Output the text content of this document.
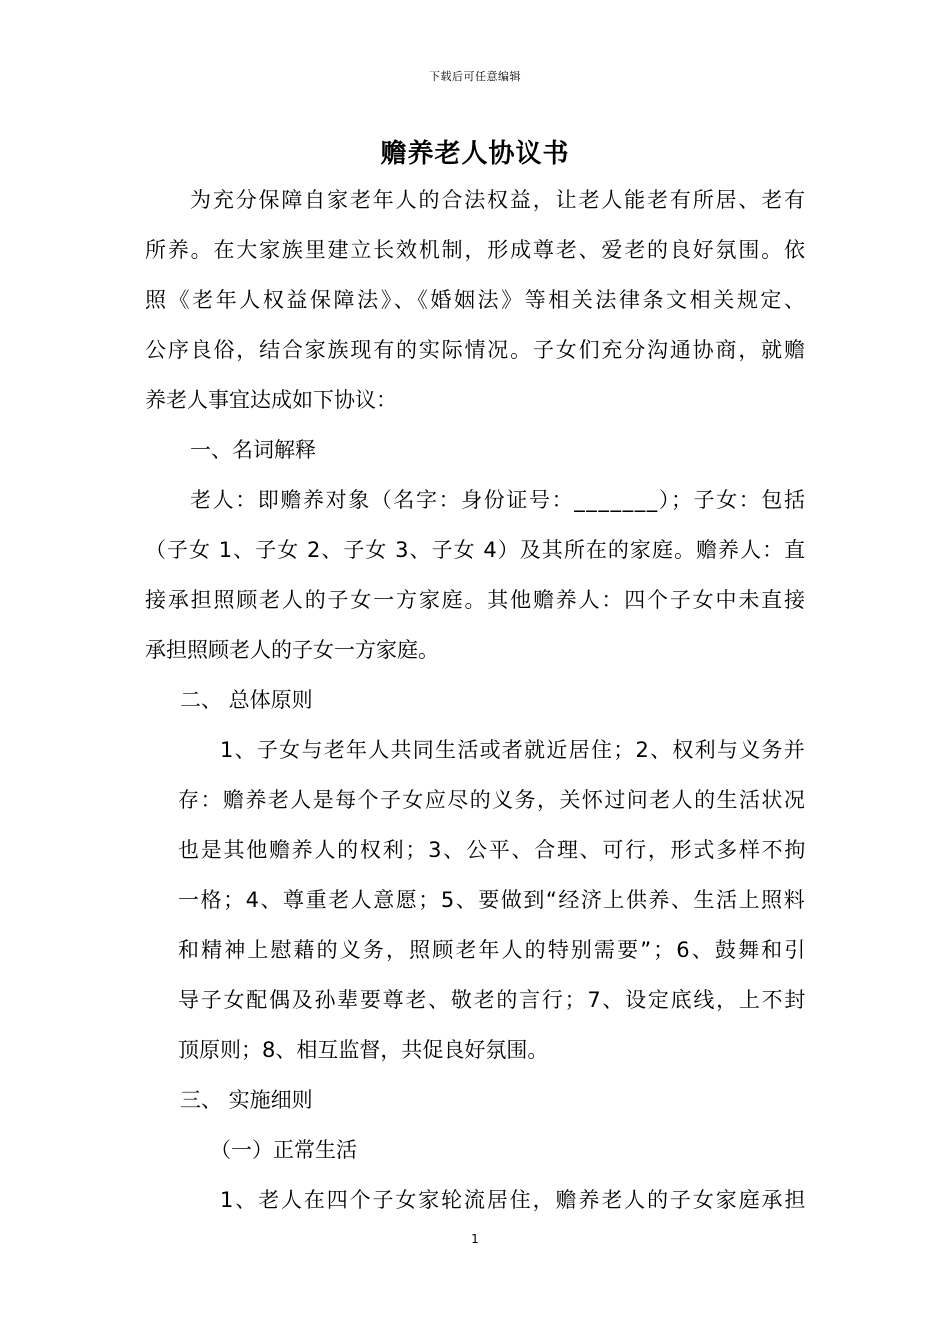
下载后可任意编辑
赡养老人协议书
为充分保障自家老年人的合法权益，让老人能老有所居、老有
所养。在大家族里建立长效机制，形成尊老、爱老的良好氛围。依
照《老年人权益保障法》、《婚姻法》等相关法律条文相关规定、
公序良俗，结合家族现有的实际情况。子女们充分沟通协商，就赡
养老人事宜达成如下协议：
一、名词解释
老人：即赡养对象（名字：身份证号：_______）；子女：包括
（子女 1、子女 2、子女 3、子女 4）及其所在的家庭。赡养人：直
接承担照顾老人的子女一方家庭。其他赡养人：四个子女中未直接
承担照顾老人的子女一方家庭。
二、 总体原则
1、子女与老年人共同生活或者就近居住；2、权利与义务并
存：赡养老人是每个子女应尽的义务，关怀过问老人的生活状况
也是其他赡养人的权利；3、公平、合理、可行，形式多样不拘
一格；4、尊重老人意愿；5、要做到“经济上供养、生活上照料
和精神上慰藉的义务，照顾老年人的特别需要”；6、鼓舞和引
导子女配偶及孙辈要尊老、敬老的言行；7、设定底线，上不封
顶原则；8、相互监督，共促良好氛围。
三、 实施细则
（一）正常生活
1、老人在四个子女家轮流居住，赡养老人的子女家庭承担
1
